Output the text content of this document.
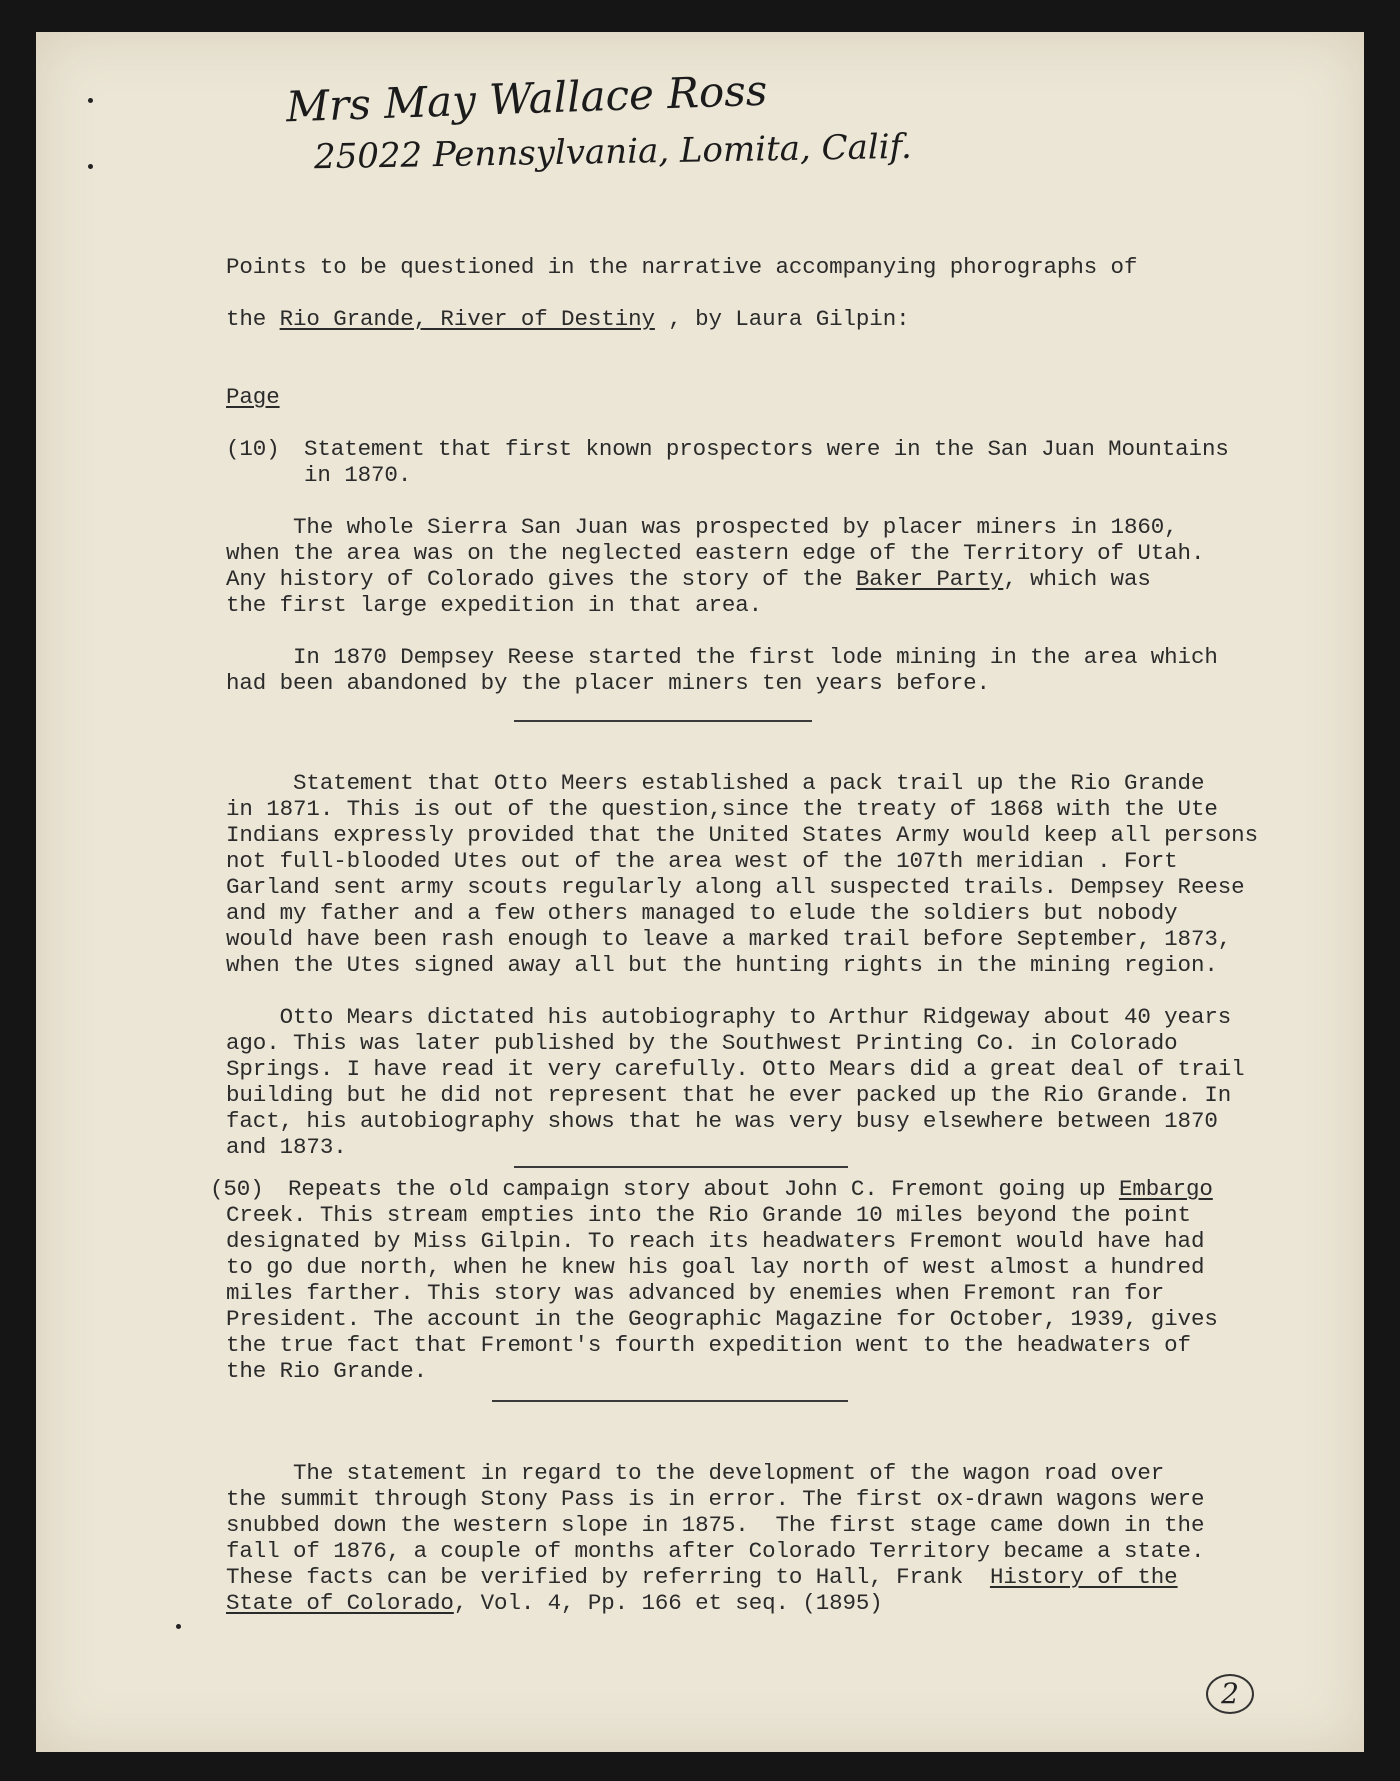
Mrs May Wallace Ross
25022 Pennsylvania, Lomita, Calif.
Points to be questioned in the narrative accompanying phorographs of
the Rio Grande, River of Destiny , by Laura Gilpin:
Page
(10) Statement that first known prospectors were in the San Juan Mountains
in 1870.
The whole Sierra San Juan was prospected by placer miners in 1860,
when the area was on the neglected eastern edge of the Territory of Utah.
Any history of Colorado gives the story of the Baker Party, which was
the first large expedition in that area.
In 1870 Dempsey Reese started the first lode mining in the area which
had been abandoned by the placer miners ten years before.
Statement that Otto Meers established a pack trail up the Rio Grande
in 1871. This is out of the question,since the treaty of 1868 with the Ute
Indians expressly provided that the United States Army would keep all persons
not full-blooded Utes out of the area west of the 107th meridian . Fort
Garland sent army scouts regularly along all suspected trails. Dempsey Reese
and my father and a few others managed to elude the soldiers but nobody
would have been rash enough to leave a marked trail before September, 1873,
when the Utes signed away all but the hunting rights in the mining region.
Otto Mears dictated his autobiography to Arthur Ridgeway about 40 years
ago. This was later published by the Southwest Printing Co. in Colorado
Springs. I have read it very carefully. Otto Mears did a great deal of trail
building but he did not represent that he ever packed up the Rio Grande. In
fact, his autobiography shows that he was very busy elsewhere between 1870
and 1873.
(50) Repeats the old campaign story about John C. Fremont going up Embargo
Creek. This stream empties into the Rio Grande 10 miles beyond the point
designated by Miss Gilpin. To reach its headwaters Fremont would have had
to go due north, when he knew his goal lay north of west almost a hundred
miles farther. This story was advanced by enemies when Fremont ran for
President. The account in the Geographic Magazine for October, 1939, gives
the true fact that Fremont's fourth expedition went to the headwaters of
the Rio Grande.
The statement in regard to the development of the wagon road over
the summit through Stony Pass is in error. The first ox-drawn wagons were
snubbed down the western slope in 1875.  The first stage came down in the
fall of 1876, a couple of months after Colorado Territory became a state.
These facts can be verified by referring to Hall, Frank  History of the
State of Colorado, Vol. 4, Pp. 166 et seq. (1895)
2
